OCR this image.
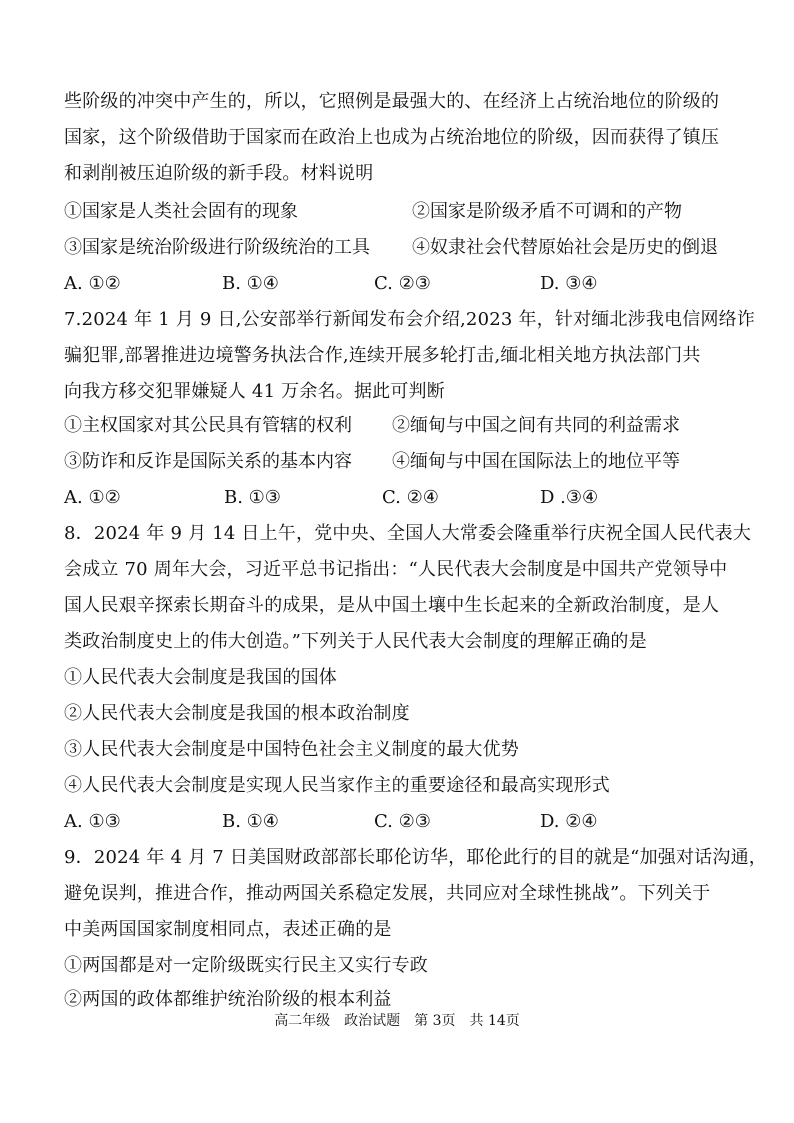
些阶级的冲突中产生的，所以，它照例是最强大的、在经济上占统治地位的阶级的
国家，这个阶级借助于国家而在政治上也成为占统治地位的阶级，因而获得了镇压
和剥削被压迫阶级的新手段。材料说明
①国家是人类社会固有的现象	②国家是阶级矛盾不可调和的产物
③国家是统治阶级进行阶级统治的工具 ④奴隶社会代替原始社会是历史的倒退
A. ①②	B. ①④	C. ②③	D. ③④
7.2024 年 1 月 9 日,公安部举行新闻发布会介绍,2023 年，针对缅北涉我电信网络诈
骗犯罪,部署推进边境警务执法合作,连续开展多轮打击,缅北相关地方执法部门共
向我方移交犯罪嫌疑人 41 万余名。据此可判断
①主权国家对其公民具有管辖的权利 ②缅甸与中国之间有共同的利益需求
③防诈和反诈是国际关系的基本内容 ④缅甸与中国在国际法上的地位平等
A. ①②	B. ①③	C. ②④	D .③④
8．2024 年 9 月 14 日上午，党中央、全国人大常委会隆重举行庆祝全国人民代表大
会成立 70 周年大会，习近平总书记指出：“人民代表大会制度是中国共产党领导中
国人民艰辛探索长期奋斗的成果，是从中国土壤中生长起来的全新政治制度，是人
类政治制度史上的伟大创造。”下列关于人民代表大会制度的理解正确的是
①人民代表大会制度是我国的国体
②人民代表大会制度是我国的根本政治制度
③人民代表大会制度是中国特色社会主义制度的最大优势
④人民代表大会制度是实现人民当家作主的重要途径和最高实现形式
A. ①③	B. ①④	C. ②③	D. ②④
9．2024 年 4 月 7 日美国财政部部长耶伦访华，耶伦此行的目的就是“加强对话沟通，
避免误判，推进合作，推动两国关系稳定发展，共同应对全球性挑战”。下列关于
中美两国国家制度相同点，表述正确的是
①两国都是对一定阶级既实行民主又实行专政
②两国的政体都维护统治阶级的根本利益
高二年级　政治试题　第 3页　共 14页
